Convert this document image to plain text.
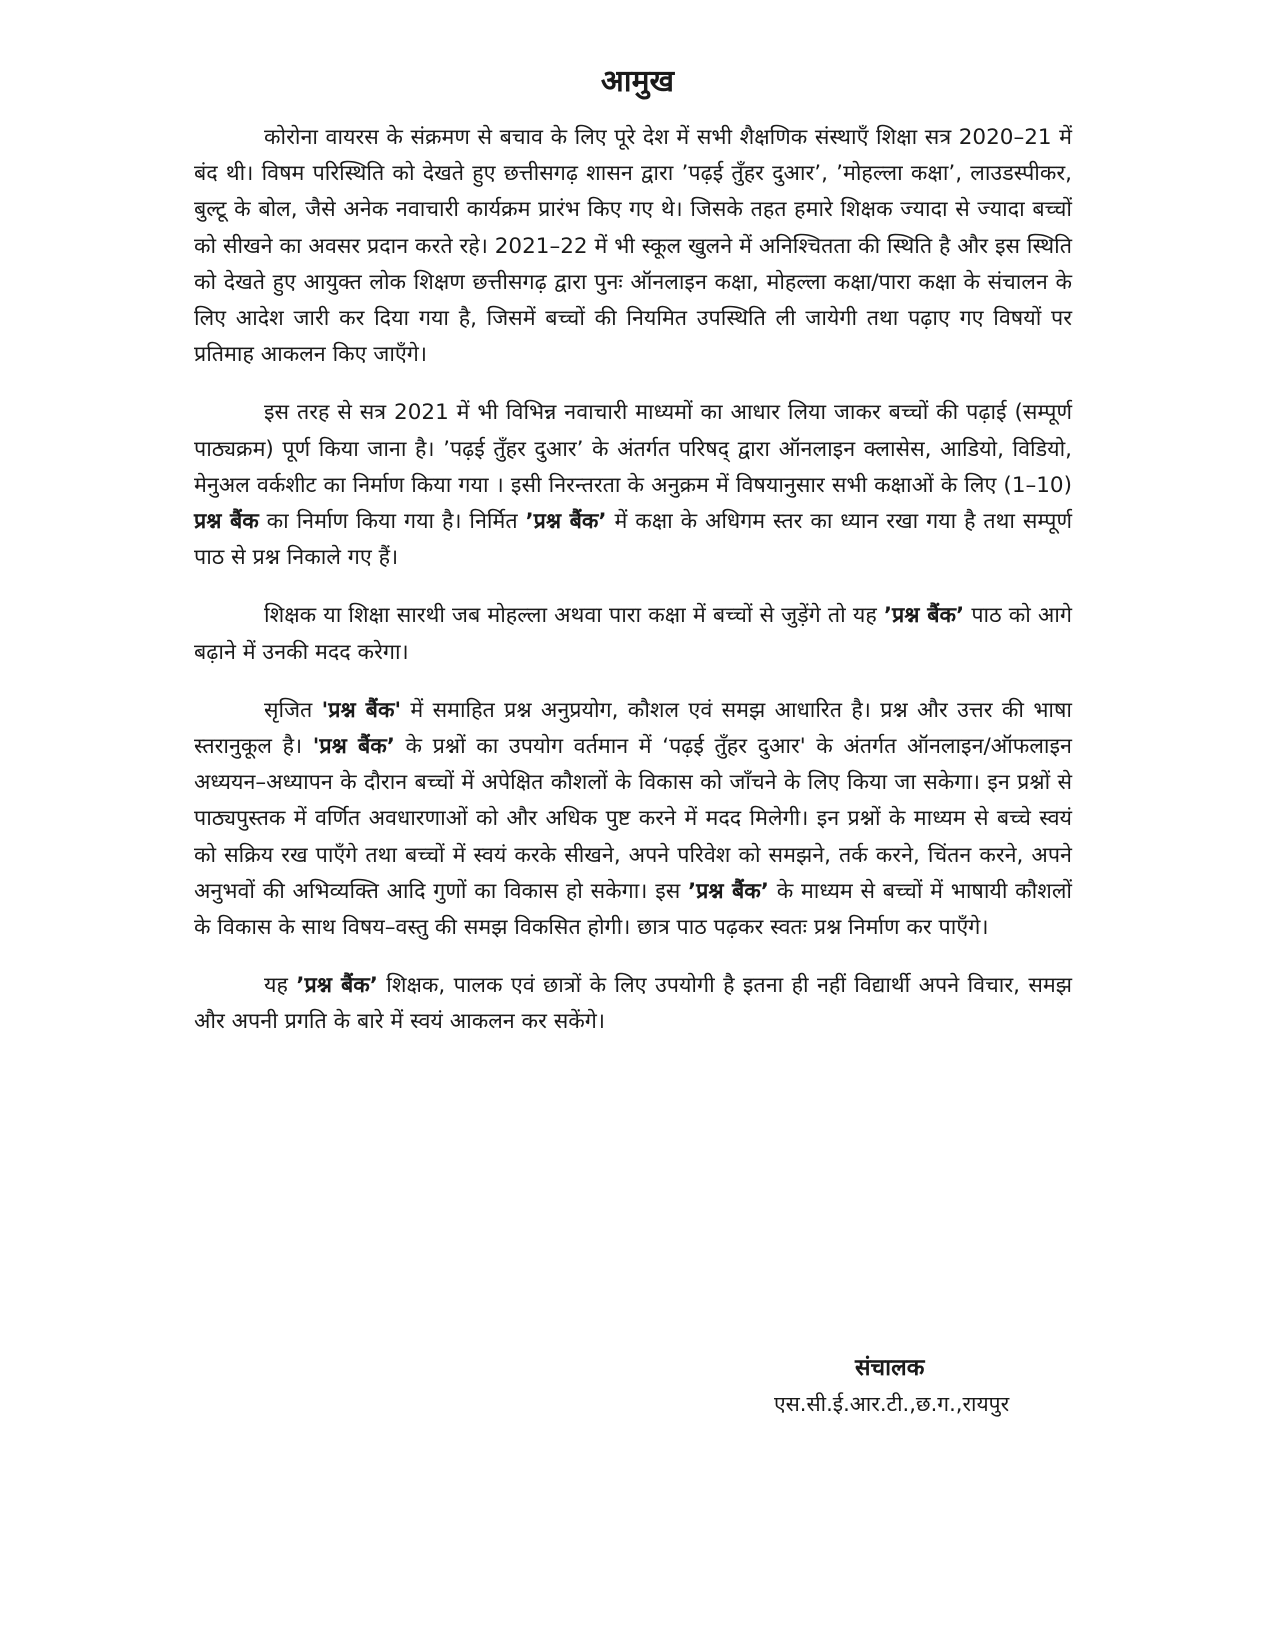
आमुख

कोरोना वायरस के संक्रमण से बचाव के लिए पूरे देश में सभी शैक्षणिक संस्थाएँ शिक्षा सत्र 2020–21 में बंद थी। विषम परिस्थिति को देखते हुए छत्तीसगढ़ शासन द्वारा ’पढ़ई तुँहर दुआर’, ’मोहल्ला कक्षा’, लाउडस्पीकर, बुल्टू के बोल, जैसे अनेक नवाचारी कार्यक्रम प्रारंभ किए गए थे। जिसके तहत हमारे शिक्षक ज्यादा से ज्यादा बच्चों को सीखने का अवसर प्रदान करते रहे। 2021–22 में भी स्कूल खुलने में अनिश्चितता की स्थिति है और इस स्थिति को देखते हुए आयुक्त लोक शिक्षण छत्तीसगढ़ द्वारा पुनः ऑनलाइन कक्षा, मोहल्ला कक्षा/पारा कक्षा के संचालन के लिए आदेश जारी कर दिया गया है, जिसमें बच्चों की नियमित उपस्थिति ली जायेगी तथा पढ़ाए गए विषयों पर प्रतिमाह आकलन किए जाएँगे।

इस तरह से सत्र 2021 में भी विभिन्न नवाचारी माध्यमों का आधार लिया जाकर बच्चों की पढ़ाई (सम्पूर्ण पाठ्यक्रम) पूर्ण किया जाना है। ’पढ़ई तुँहर दुआर’ के अंतर्गत परिषद् द्वारा ऑनलाइन क्लासेस, आडियो, विडियो, मेनुअल वर्कशीट का निर्माण किया गया । इसी निरन्तरता के अनुक्रम में विषयानुसार सभी कक्षाओं के लिए (1–10) प्रश्न बैंक का निर्माण किया गया है। निर्मित ’प्रश्न बैंक’ में कक्षा के अधिगम स्तर का ध्यान रखा गया है तथा सम्पूर्ण पाठ से प्रश्न निकाले गए हैं।

शिक्षक या शिक्षा सारथी जब मोहल्ला अथवा पारा कक्षा में बच्चों से जुड़ेंगे तो यह ’प्रश्न बैंक’ पाठ को आगे बढ़ाने में उनकी मदद करेगा।

सृजित 'प्रश्न बैंक' में समाहित प्रश्न अनुप्रयोग, कौशल एवं समझ आधारित है। प्रश्न और उत्तर की भाषा स्तरानुकूल है। 'प्रश्न बैंक’ के प्रश्नों का उपयोग वर्तमान में ‘पढ़ई तुँहर दुआर' के अंतर्गत ऑनलाइन/ऑफलाइन अध्ययन–अध्यापन के दौरान बच्चों में अपेक्षित कौशलों के विकास को जाँचने के लिए किया जा सकेगा। इन प्रश्नों से पाठ्यपुस्तक में वर्णित अवधारणाओं को और अधिक पुष्ट करने में मदद मिलेगी। इन प्रश्नों के माध्यम से बच्चे स्वयं को सक्रिय रख पाएँगे तथा बच्चों में स्वयं करके सीखने, अपने परिवेश को समझने, तर्क करने, चिंतन करने, अपने अनुभवों की अभिव्यक्ति आदि गुणों का विकास हो सकेगा। इस ’प्रश्न बैंक’ के माध्यम से बच्चों में भाषायी कौशलों के विकास के साथ विषय–वस्तु की समझ विकसित होगी। छात्र पाठ पढ़कर स्वतः प्रश्न निर्माण कर पाएँगे।

यह ’प्रश्न बैंक’ शिक्षक, पालक एवं छात्रों के लिए उपयोगी है इतना ही नहीं विद्यार्थी अपने विचार, समझ और अपनी प्रगति के बारे में स्वयं आकलन कर सकेंगे।

संचालक

एस.सी.ई.आर.टी.,छ.ग.,रायपुर
